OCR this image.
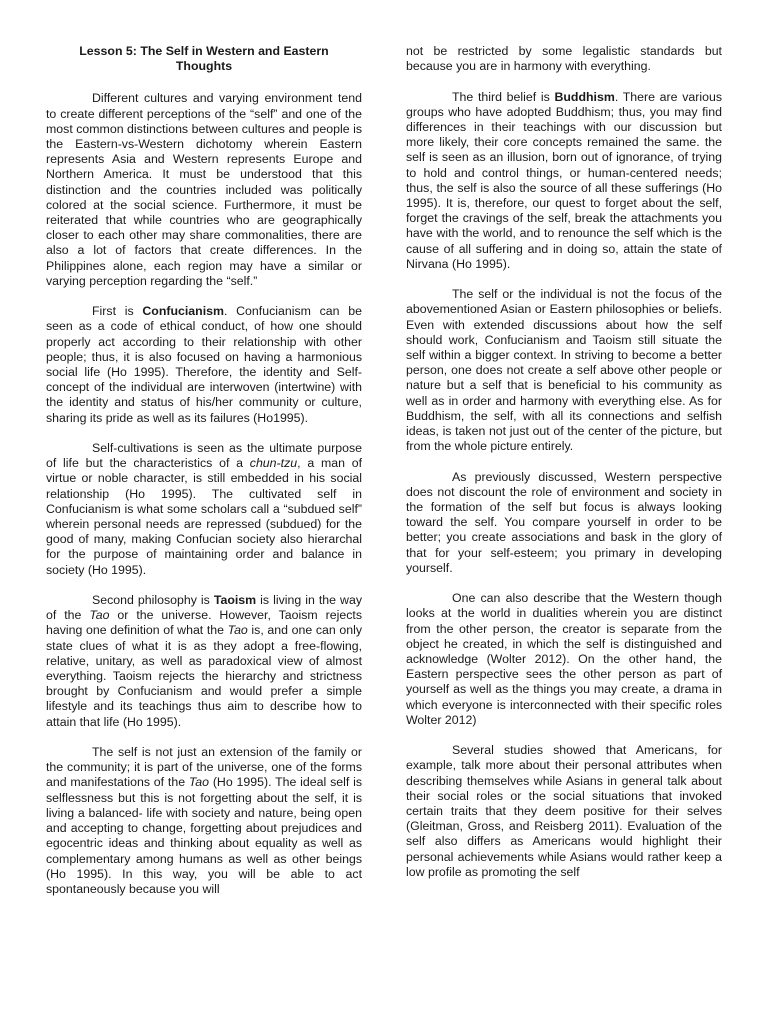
Lesson 5: The Self in Western and Eastern Thoughts

Different cultures and varying environment tend to create different perceptions of the “self” and one of the most common distinctions between cultures and people is the Eastern-vs-Western dichotomy wherein Eastern represents Asia and Western represents Europe and Northern America. It must be understood that this distinction and the countries included was politically colored at the social science. Furthermore, it must be reiterated that while countries who are geographically closer to each other may share commonalities, there are also a lot of factors that create differences. In the Philippines alone, each region may have a similar or varying perception regarding the “self.”

First is Confucianism. Confucianism can be seen as a code of ethical conduct, of how one should properly act according to their relationship with other people; thus, it is also focused on having a harmonious social life (Ho 1995). Therefore, the identity and Self-concept of the individual are interwoven (intertwine) with the identity and status of his/her community or culture, sharing its pride as well as its failures (Ho1995).

Self-cultivations is seen as the ultimate purpose of life but the characteristics of a chun-tzu, a man of virtue or noble character, is still embedded in his social relationship (Ho 1995). The cultivated self in Confucianism is what some scholars call a “subdued self” wherein personal needs are repressed (subdued) for the good of many, making Confucian society also hierarchal for the purpose of maintaining order and balance in society (Ho 1995).

Second philosophy is Taoism is living in the way of the Tao or the universe. However, Taoism rejects having one definition of what the Tao is, and one can only state clues of what it is as they adopt a free-flowing, relative, unitary, as well as paradoxical view of almost everything. Taoism rejects the hierarchy and strictness brought by Confucianism and would prefer a simple lifestyle and its teachings thus aim to describe how to attain that life (Ho 1995).

The self is not just an extension of the family or the community; it is part of the universe, one of the forms and manifestations of the Tao (Ho 1995). The ideal self is selflessness but this is not forgetting about the self, it is living a balanced- life with society and nature, being open and accepting to change, forgetting about prejudices and egocentric ideas and thinking about equality as well as complementary among humans as well as other beings (Ho 1995). In this way, you will be able to act spontaneously because you will

not be restricted by some legalistic standards but because you are in harmony with everything.

The third belief is Buddhism. There are various groups who have adopted Buddhism; thus, you may find differences in their teachings with our discussion but more likely, their core concepts remained the same. the self is seen as an illusion, born out of ignorance, of trying to hold and control things, or human-centered needs; thus, the self is also the source of all these sufferings (Ho 1995). It is, therefore, our quest to forget about the self, forget the cravings of the self, break the attachments you have with the world, and to renounce the self which is the cause of all suffering and in doing so, attain the state of Nirvana (Ho 1995).

The self or the individual is not the focus of the abovementioned Asian or Eastern philosophies or beliefs. Even with extended discussions about how the self should work, Confucianism and Taoism still situate the self within a bigger context. In striving to become a better person, one does not create a self above other people or nature but a self that is beneficial to his community as well as in order and harmony with everything else. As for Buddhism, the self, with all its connections and selfish ideas, is taken not just out of the center of the picture, but from the whole picture entirely.

As previously discussed, Western perspective does not discount the role of environment and society in the formation of the self but focus is always looking toward the self. You compare yourself in order to be better; you create associations and bask in the glory of that for your self-esteem; you primary in developing yourself.

One can also describe that the Western though looks at the world in dualities wherein you are distinct from the other person, the creator is separate from the object he created, in which the self is distinguished and acknowledge (Wolter 2012). On the other hand, the Eastern perspective sees the other person as part of yourself as well as the things you may create, a drama in which everyone is interconnected with their specific roles Wolter 2012)

Several studies showed that Americans, for example, talk more about their personal attributes when describing themselves while Asians in general talk about their social roles or the social situations that invoked certain traits that they deem positive for their selves (Gleitman, Gross, and Reisberg 2011). Evaluation of the self also differs as Americans would highlight their personal achievements while Asians would rather keep a low profile as promoting the self
